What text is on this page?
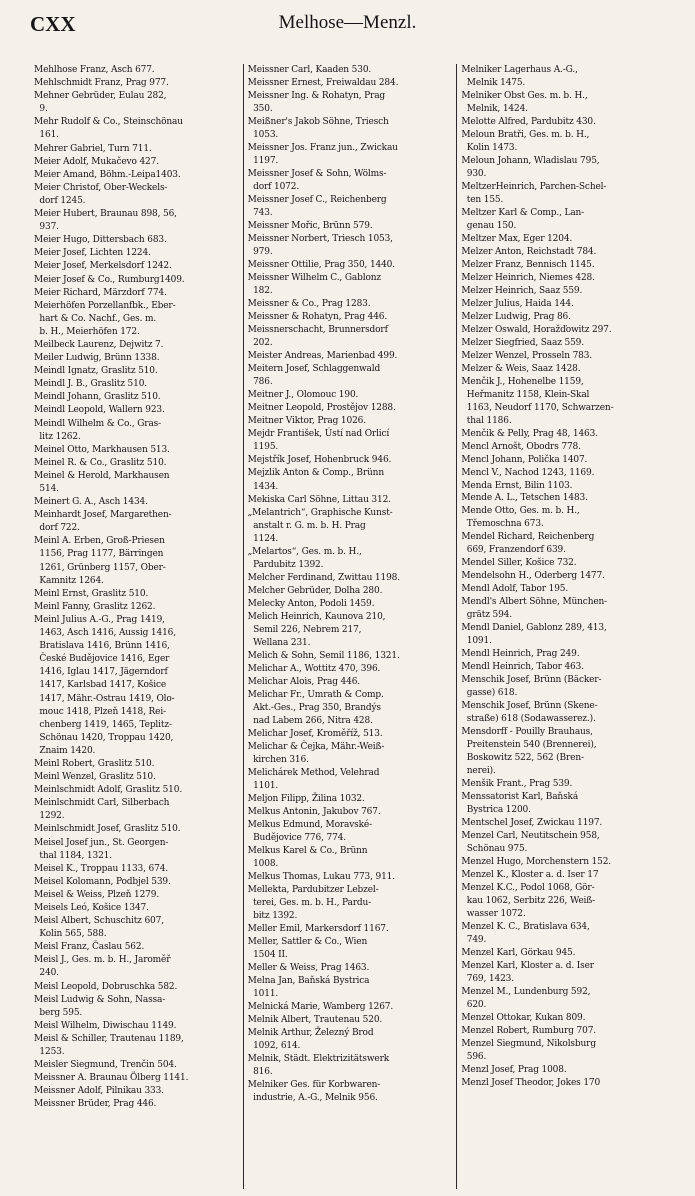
CXX	Melhose—Menzl.

Mehlhose Franz, Asch 677.

Mehlschmidt Franz, Prag 977.

Mehner Gebrüder, Eulau 282,
9.

Mehr Rudolf & Co., Steinschönau
161.

Mehrer Gabriel, Turn 711.

Meier Adolf, Mukačevo 427.

Meier Amand, Böhm.-Leipa1403.

Meier Christof, Ober-Weckels-
dorf 1245.

Meier Hubert, Braunau 898, 56,
937.

Meier Hugo, Dittersbach 683.

Meier Josef, Lichten 1224.

Meier Josef, Merkelsdorf 1242.

Meier Josef & Co., Rumburg1409.

Meier Richard, Märzdorf 774.

Meierhöfen Porzellanfbk., Eber-
hart & Co. Nachf., Ges. m.
b. H., Meierhöfen 172.

Meilbeck Laurenz, Dejwitz 7.

Meiler Ludwig, Brünn 1338.

Meindl Ignatz, Graslitz 510.

Meindl J. B., Graslitz 510.

Meindl Johann, Graslitz 510.

Meindl Leopold, Wallern 923.

Meindl Wilhelm & Co., Gras-
litz 1262.

Meinel Otto, Markhausen 513.

Meinel R. & Co., Graslitz 510.

Meinel & Herold, Markhausen
514.

Meinert G. A., Asch 1434.

Meinhardt Josef, Margarethen-
dorf 722.

Meinl A. Erben, Groß-Priesen
1156, Prag 1177, Bärringen
1261, Grünberg 1157, Ober-
Kamnitz 1264.

Meinl Ernst, Graslitz 510.

Meinl Fanny, Graslitz 1262.

Meinl Julius A.-G., Prag 1419,
1463, Asch 1416, Aussig 1416,
Bratislava 1416, Brünn 1416,
České Budějovice 1416, Eger
1416, Iglau 1417, Jägerndorf
1417, Karlsbad 1417, Košice
1417, Mähr.-Ostrau 1419, Olo-
mouc 1418, Plzeň 1418, Rei-
chenberg 1419, 1465, Teplitz-
Schönau 1420, Troppau 1420,
Znaim 1420.

Meinl Robert, Graslitz 510.

Meinl Wenzel, Graslitz 510.

Meinlschmidt Adolf, Graslitz 510.

Meinlschmidt Carl, Silberbach
1292.

Meinlschmidt Josef, Graslitz 510.

Meisel Josef jun., St. Georgen-
thal 1184, 1321.

Meisel K., Troppau 1133, 674.

Meisel Kolomann, Podbjel 539.

Meisel & Weiss, Plzeň 1279.

Meisels Leó, Košice 1347.

Meisl Albert, Schuschitz 607,
Kolin 565, 588.

Meisl Franz, Časlau 562.

Meisl J., Ges. m. b. H., Jaroměř
240.

Meisl Leopold, Dobruschka 582.

Meisl Ludwig & Sohn, Nassa-
berg 595.

Meisl Wilhelm, Diwischau 1149.

Meisl & Schiller, Trautenau 1189,
1253.

Meisler Siegmund, Trenčin 504.

Meissner A. Braunau Ölberg 1141.

Meissner Adolf, Pilnikau 333.

Meissner Brüder, Prag 446.

Meissner Carl, Kaaden 530.

Meissner Ernest, Freiwaldau 284.

Meissner Ing. & Rohatyn, Prag
350.

Meißner's Jakob Söhne, Triesch
1053.

Meissner Jos. Franz jun., Zwickau
1197.

Meissner Josef & Sohn, Wölms-
dorf 1072.

Meissner Josef C., Reichenberg
743.

Meissner Mořic, Brünn 579.

Meissner Norbert, Triesch 1053,
979.

Meissner Ottilie, Prag 350, 1440.

Meissner Wilhelm C., Gablonz
182.

Meissner & Co., Prag 1283.

Meissner & Rohatyn, Prag 446.

Meissnerschacht, Brunnersdorf
202.

Meister Andreas, Marienbad 499.

Meitern Josef, Schlaggenwald
786.

Meitner J., Olomouc 190.

Meitner Leopold, Prostějov 1288.

Meitner Viktor, Prag 1026.

Mejdr František, Ústí nad Orlicí
1195.

Mejstřík Josef, Hohenbruck 946.

Mejzlik Anton & Comp., Brünn
1434.

Mekiska Carl Söhne, Littau 312.

„Melantrich“, Graphische Kunst-
anstalt r. G. m. b. H. Prag
1124.

„Melartos“, Ges. m. b. H.,
Pardubitz 1392.

Melcher Ferdinand, Zwittau 1198.

Melcher Gebrüder, Dolha 280.

Melecky Anton, Podoli 1459.

Melich Heinrich, Kaunova 210,
Semil 226, Nebrem 217,
Wellana 231.

Melich & Sohn, Semil 1186, 1321.

Melichar A., Wottitz 470, 396.

Melichar Alois, Prag 446.

Melichar Fr., Umrath & Comp.
Akt.-Ges., Prag 350, Brandýs
nad Labem 266, Nitra 428.

Melichar Josef, Kroměříž, 513.

Melichar & Čejka, Mähr.-Weiß-
kirchen 316.

Melichárek Method, Velehrad
1101.

Meljon Filipp, Žilina 1032.

Melkus Antonin, Jakubov 767.

Melkus Edmund, Moravské-
Budějovice 776, 774.

Melkus Karel & Co., Brünn
1008.

Melkus Thomas, Lukau 773, 911.

Mellekta, Pardubitzer Lebzel-
terei, Ges. m. b. H., Pardu-
bitz 1392.

Meller Emil, Markersdorf 1167.

Meller, Sattler & Co., Wien
1504 II.

Meller & Weiss, Prag 1463.

Melna Jan, Baňská Bystrica
1011.

Melnická Marie, Wamberg 1267.

Melnik Albert, Trautenau 520.

Melnik Arthur, Železný Brod
1092, 614.

Melnik, Städt. Elektrizitätswerk
816.

Melniker Ges. für Korbwaren-
industrie, A.-G., Melnik 956.

Melniker Lagerhaus A.-G.,
Melnik 1475.

Melniker Obst Ges. m. b. H.,
Melnik, 1424.

Melotte Alfred, Pardubitz 430.

Meloun Bratři, Ges. m. b. H.,
Kolin 1473.

Meloun Johann, Wladislau 795,
930.

MeltzerHeinrich, Parchen-Schel-
ten 155.

Meltzer Karl & Comp., Lan-
genau 150.

Meltzer Max, Eger 1204.

Melzer Anton, Reichstadt 784.

Melzer Franz, Bennisch 1145.

Melzer Heinrich, Niemes 428.

Melzer Heinrich, Saaz 559.

Melzer Julius, Haida 144.

Melzer Ludwig, Prag 86.

Melzer Oswald, Horažďowitz 297.

Melzer Siegfried, Saaz 559.

Melzer Wenzel, Prosseln 783.

Melzer & Weis, Saaz 1428.

Menčik J., Hohenelbe 1159,
Heřmanitz 1158, Klein-Skal
1163, Neudorf 1170, Schwarzen-
thal 1186.

Menčik & Pelly, Prag 48, 1463.

Mencl Arnošt, Obodrs 778.

Mencl Johann, Polička 1407.

Mencl V., Nachod 1243, 1169.

Menda Ernst, Bilin 1103.

Mende A. L., Tetschen 1483.

Mende Otto, Ges. m. b. H.,
Třemoschna 673.

Mendel Richard, Reichenberg
669, Franzendorf 639.

Mendel Siller, Košice 732.

Mendelsohn H., Oderberg 1477.

Mendl Adolf, Tabor 195.

Mendl's Albert Söhne, München-
grätz 594.

Mendl Daniel, Gablonz 289, 413,
1091.

Mendl Heinrich, Prag 249.

Mendl Heinrich, Tabor 463.

Menschik Josef, Brünn (Bäcker-
gasse) 618.

Menschik Josef, Brünn (Skene-
straße) 618 (Sodawasserez.).

Mensdorff - Pouilly Brauhaus,
Preitenstein 540 (Brennerei),
Boskowitz 522, 562 (Bren-
nerei).

Menšik Frant., Prag 539.

Menssatorist Karl, Baňská
Bystrica 1200.

Mentschel Josef, Zwickau 1197.

Menzel Carl, Neutitschein 958,
Schönau 975.

Menzel Hugo, Morchenstern 152.

Menzel K., Kloster a. d. Iser 17

Menzel K.C., Podol 1068, Gör-
kau 1062, Serbitz 226, Weiß-
wasser 1072.

Menzel K. C., Bratislava 634,
749.

Menzel Karl, Görkau 945.

Menzel Karl, Kloster a. d. Iser
769, 1423.

Menzel M., Lundenburg 592,
620.

Menzel Ottokar, Kukan 809.

Menzel Robert, Rumburg 707.

Menzel Siegmund, Nikolsburg
596.

Menzl Josef, Prag 1008.

Menzl Josef Theodor, Jokes 170
